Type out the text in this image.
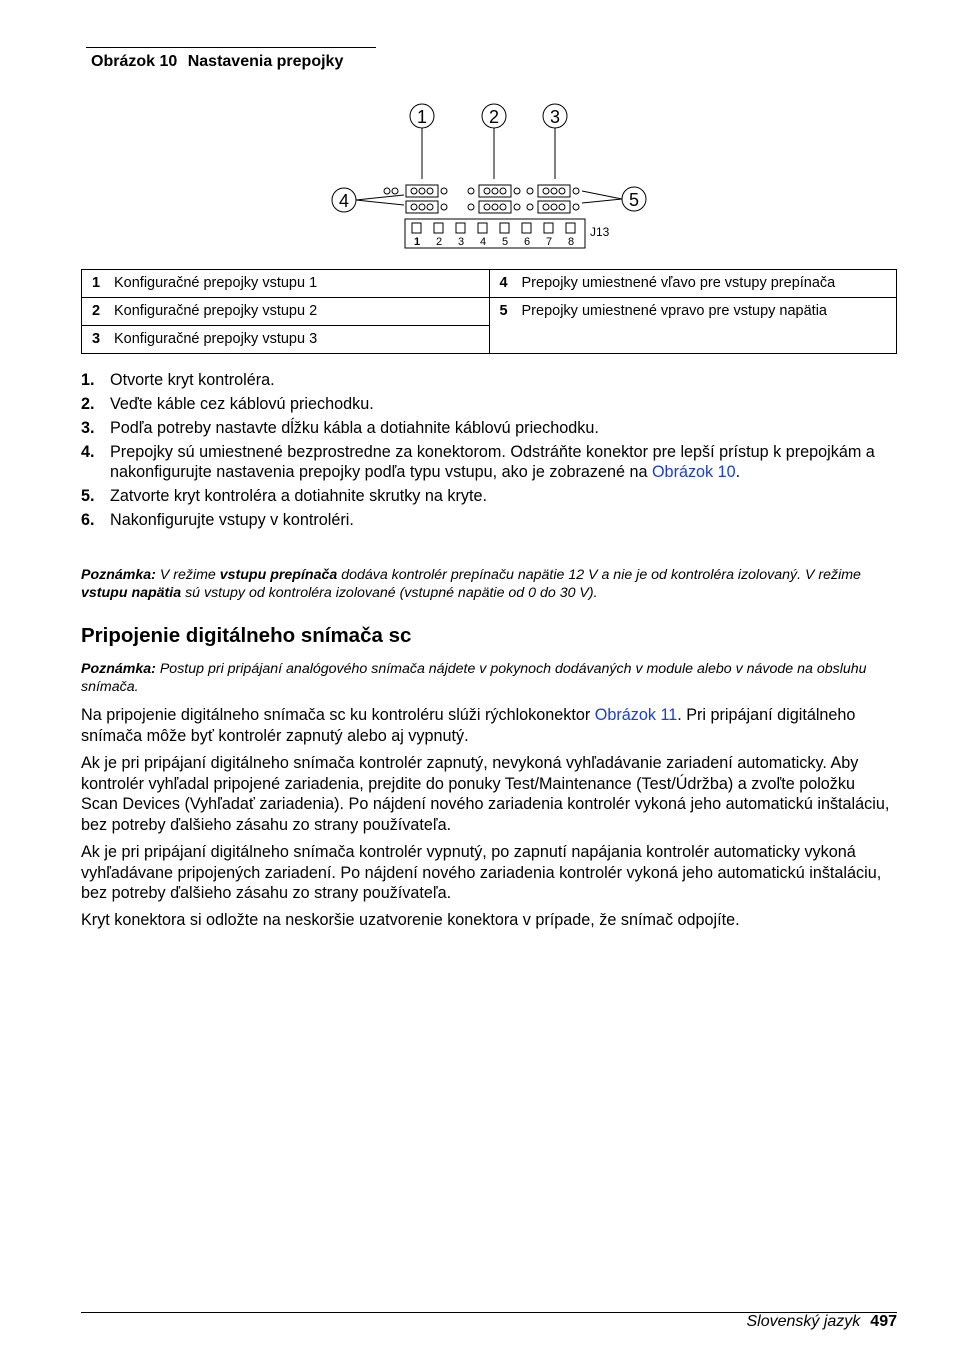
Obrázok 10 Nastavenia prepojky
1	2	3
4	5
1 2 3 4 5 6 7 8
J13
1 Konfiguračné prepojky vstupu 1	4 Prepojky umiestnené vľavo pre vstupy prepínača
2 Konfiguračné prepojky vstupu 2	5 Prepojky umiestnené vpravo pre vstupy napätia
3 Konfiguračné prepojky vstupu 3	
1. Otvorte kryt kontroléra.
2. Veďte káble cez káblovú priechodku.
3. Podľa potreby nastavte dĺžku kábla a dotiahnite káblovú priechodku.
4. Prepojky sú umiestnené bezprostredne za konektorom. Odstráňte konektor pre lepší prístup k prepojkám a nakonfigurujte nastavenia prepojky podľa typu vstupu, ako je zobrazené na Obrázok 10.
5. Zatvorte kryt kontroléra a dotiahnite skrutky na kryte.
6. Nakonfigurujte vstupy v kontroléri.
Poznámka: V režime vstupu prepínača dodáva kontrolér prepínaču napätie 12 V a nie je od kontroléra izolovaný. V režime vstupu napätia sú vstupy od kontroléra izolované (vstupné napätie od 0 do 30 V).
Pripojenie digitálneho snímača sc
Poznámka: Postup pri pripájaní analógového snímača nájdete v pokynoch dodávaných v module alebo v návode na obsluhu snímača.
Na pripojenie digitálneho snímača sc ku kontroléru slúži rýchlokonektor Obrázok 11. Pri pripájaní digitálneho snímača môže byť kontrolér zapnutý alebo aj vypnutý.
Ak je pri pripájaní digitálneho snímača kontrolér zapnutý, nevykoná vyhľadávanie zariadení automaticky. Aby kontrolér vyhľadal pripojené zariadenia, prejdite do ponuky Test/Maintenance (Test/Údržba) a zvoľte položku Scan Devices (Vyhľadať zariadenia). Po nájdení nového zariadenia kontrolér vykoná jeho automatickú inštaláciu, bez potreby ďalšieho zásahu zo strany používateľa.
Ak je pri pripájaní digitálneho snímača kontrolér vypnutý, po zapnutí napájania kontrolér automaticky vykoná vyhľadávane pripojených zariadení. Po nájdení nového zariadenia kontrolér vykoná jeho automatickú inštaláciu, bez potreby ďalšieho zásahu zo strany používateľa.
Kryt konektora si odložte na neskoršie uzatvorenie konektora v prípade, že snímač odpojíte.
Slovenský jazyk 497
